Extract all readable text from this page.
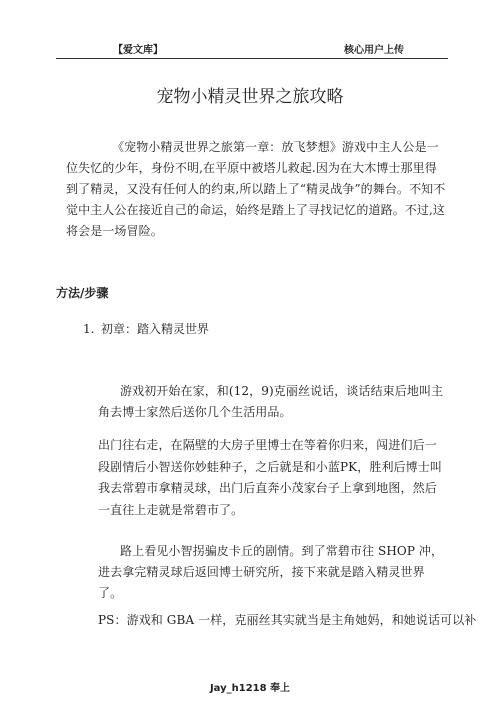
【爱文库】	核心用户上传
宠物小精灵世界之旅攻略
《宠物小精灵世界之旅第一章：放飞梦想》游戏中主人公是一位失忆的少年，身份不明,在平原中被塔儿救起.因为在大木博士那里得到了精灵，又没有任何人的约束,所以踏上了“精灵战争”的舞台。不知不觉中主人公在接近自己的命运，始终是踏上了寻找记忆的道路。不过,这将会是一场冒险。
方法/步骤
1. 初章：踏入精灵世界
游戏初开始在家，和(12，9)克丽丝说话，谈话结束后地叫主角去博士家然后送你几个生活用品。
出门往右走，在隔壁的大房子里博士在等着你归来，闯进们后一段剧情后小智送你妙蛙种子，之后就是和小蓝PK，胜利后博士叫我去常碧市拿精灵球，出门后直奔小茂家台子上拿到地图，然后一直往上走就是常碧市了。
路上看见小智拐骗皮卡丘的剧情。到了常碧市往 SHOP 冲，进去拿完精灵球后返回博士研究所，接下来就是踏入精灵世界了。
PS：游戏和 GBA 一样，克丽丝其实就当是主角她妈，和她说话可以补
Jay_h1218 奉上
